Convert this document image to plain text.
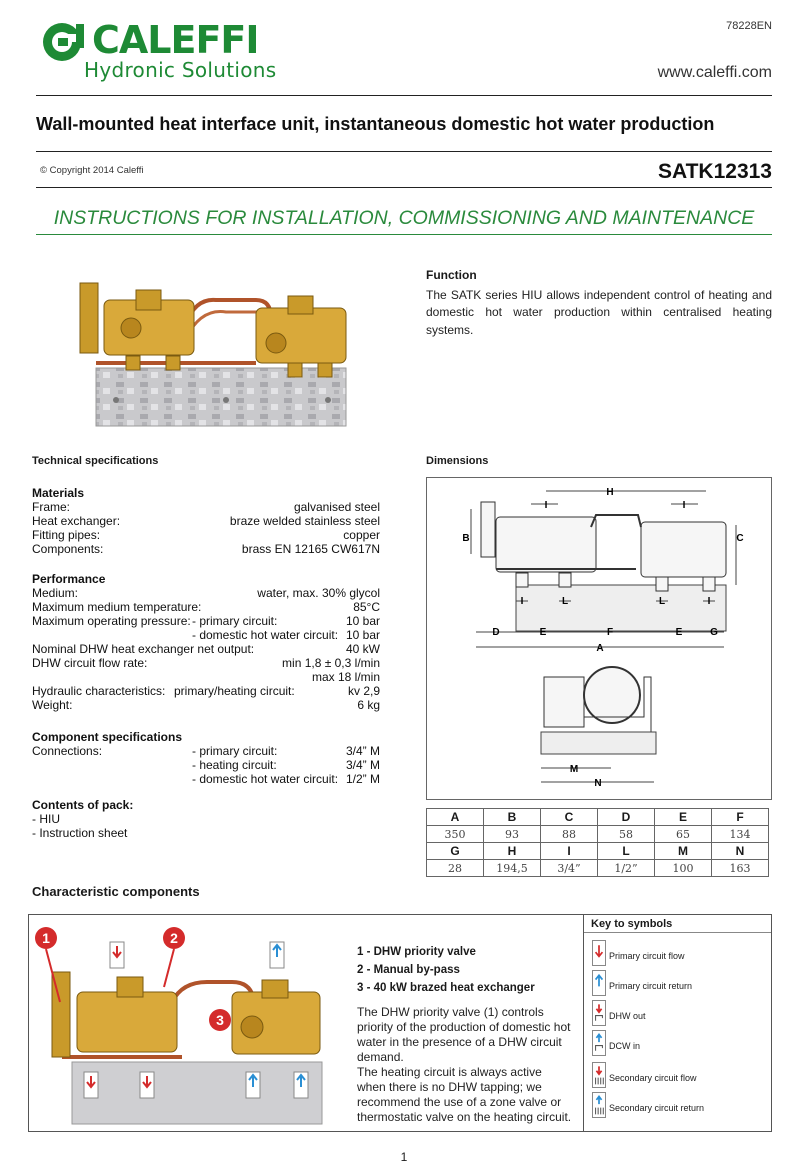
78228EN
CALEFFI
Hydronic Solutions	www.caleffi.com
Wall-mounted heat interface unit, instantaneous domestic hot water production
© Copyright 2014 Caleffi	SATK12313
INSTRUCTIONS FOR INSTALLATION, COMMISSIONING AND MAINTENANCE
Function
The SATK series HIU allows independent control of heating and domestic hot water production within centralised heating systems.
Technical specifications
Materials
Frame:	galvanised steel
Heat exchanger:	braze welded stainless steel
Fitting pipes:	copper
Components:	brass EN 12165 CW617N
Performance
Medium:	water, max. 30% glycol
Maximum medium temperature:	85°C
Maximum operating pressure: - primary circuit:	10 bar
- domestic hot water circuit: 10 bar
Nominal DHW heat exchanger net output:	40 kW
DHW circuit flow rate:	min 1,8 ± 0,3 l/min
max 18 l/min
Hydraulic characteristics: primary/heating circuit:	kv 2,9
Weight:	6 kg
Component specifications
Connections:	- primary circuit:	3/4” M
- heating circuit:	3/4” M
- domestic hot water circuit: 1/2” M
Contents of pack:
- HIU
- Instruction sheet
Dimensions
H
I	I
B	C
I	L	L	I
D	E	F	E	G
A
M
N
A	B	C	D	E	F
350	93	88	58	65	134
G	H	I	L	M	N
28	194,5	3/4”	1/2”	100	163
Characteristic components
1	2
3
1 - DHW priority valve
2 - Manual by-pass
3 - 40 kW brazed heat exchanger
The DHW priority valve (1) controls priority of the production of domestic hot water in the presence of a DHW circuit demand.
The heating circuit is always active when there is no DHW tapping; we recommend the use of a zone valve or thermostatic valve on the heating circuit.
Key to symbols
Primary circuit flow
Primary circuit return
DHW out
DCW in
Secondary circuit flow
Secondary circuit return
1
